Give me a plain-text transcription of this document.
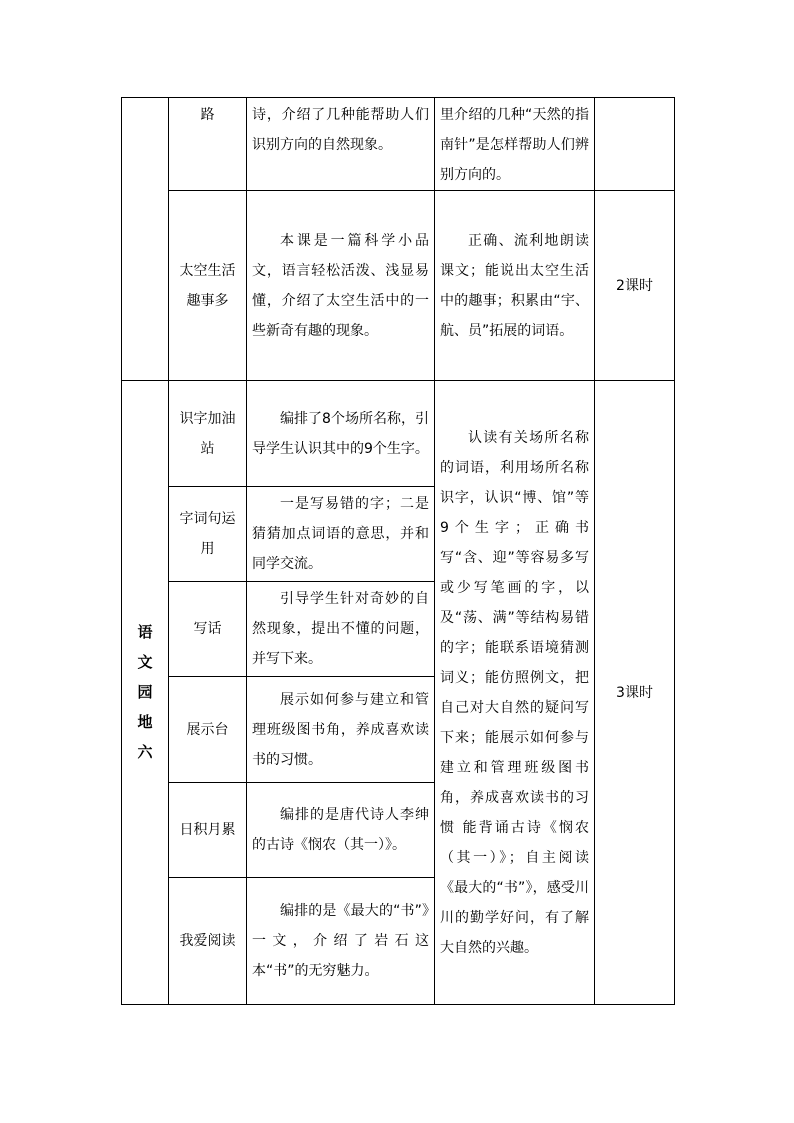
	路	诗，介绍了几种能帮助人们识别方向的自然现象。	里介绍的几种“天然的指南针”是怎样帮助人们辨别方向的。	
	太空生活趣事多	本课是一篇科学小品文，语言轻松活泼、浅显易懂，介绍了太空生活中的一些新奇有趣的现象。	正确、流利地朗读课文；能说出太空生活中的趣事；积累由“宇、航、员”拓展的词语。	2课时
语文园地六	识字加油站	编排了8个场所名称，引导学生认识其中的9个生字。	认读有关场所名称的词语，利用场所名称识字，认识“博、馆”等9个生字；正确书写“含、迎”等容易多写或少写笔画的字，以及“荡、满”等结构易错的字；能联系语境猜测词义；能仿照例文，把自己对大自然的疑问写下来；能展示如何参与建立和管理班级图书角，养成喜欢读书的习惯 能背诵古诗《悯农（其一）》；自主阅读《最大的“书”》，感受川川的勤学好问，有了解大自然的兴趣。	3课时
	字词句运用	一是写易错的字；二是猜猜加点词语的意思，并和同学交流。		
	写话	引导学生针对奇妙的自然现象，提出不懂的问题，并写下来。		
	展示台	展示如何参与建立和管理班级图书角，养成喜欢读书的习惯。		
	日积月累	编排的是唐代诗人李绅的古诗《悯农（其一）》。		
	我爱阅读	编排的是《最大的“书”》一文，介绍了岩石这本“书”的无穷魅力。		
